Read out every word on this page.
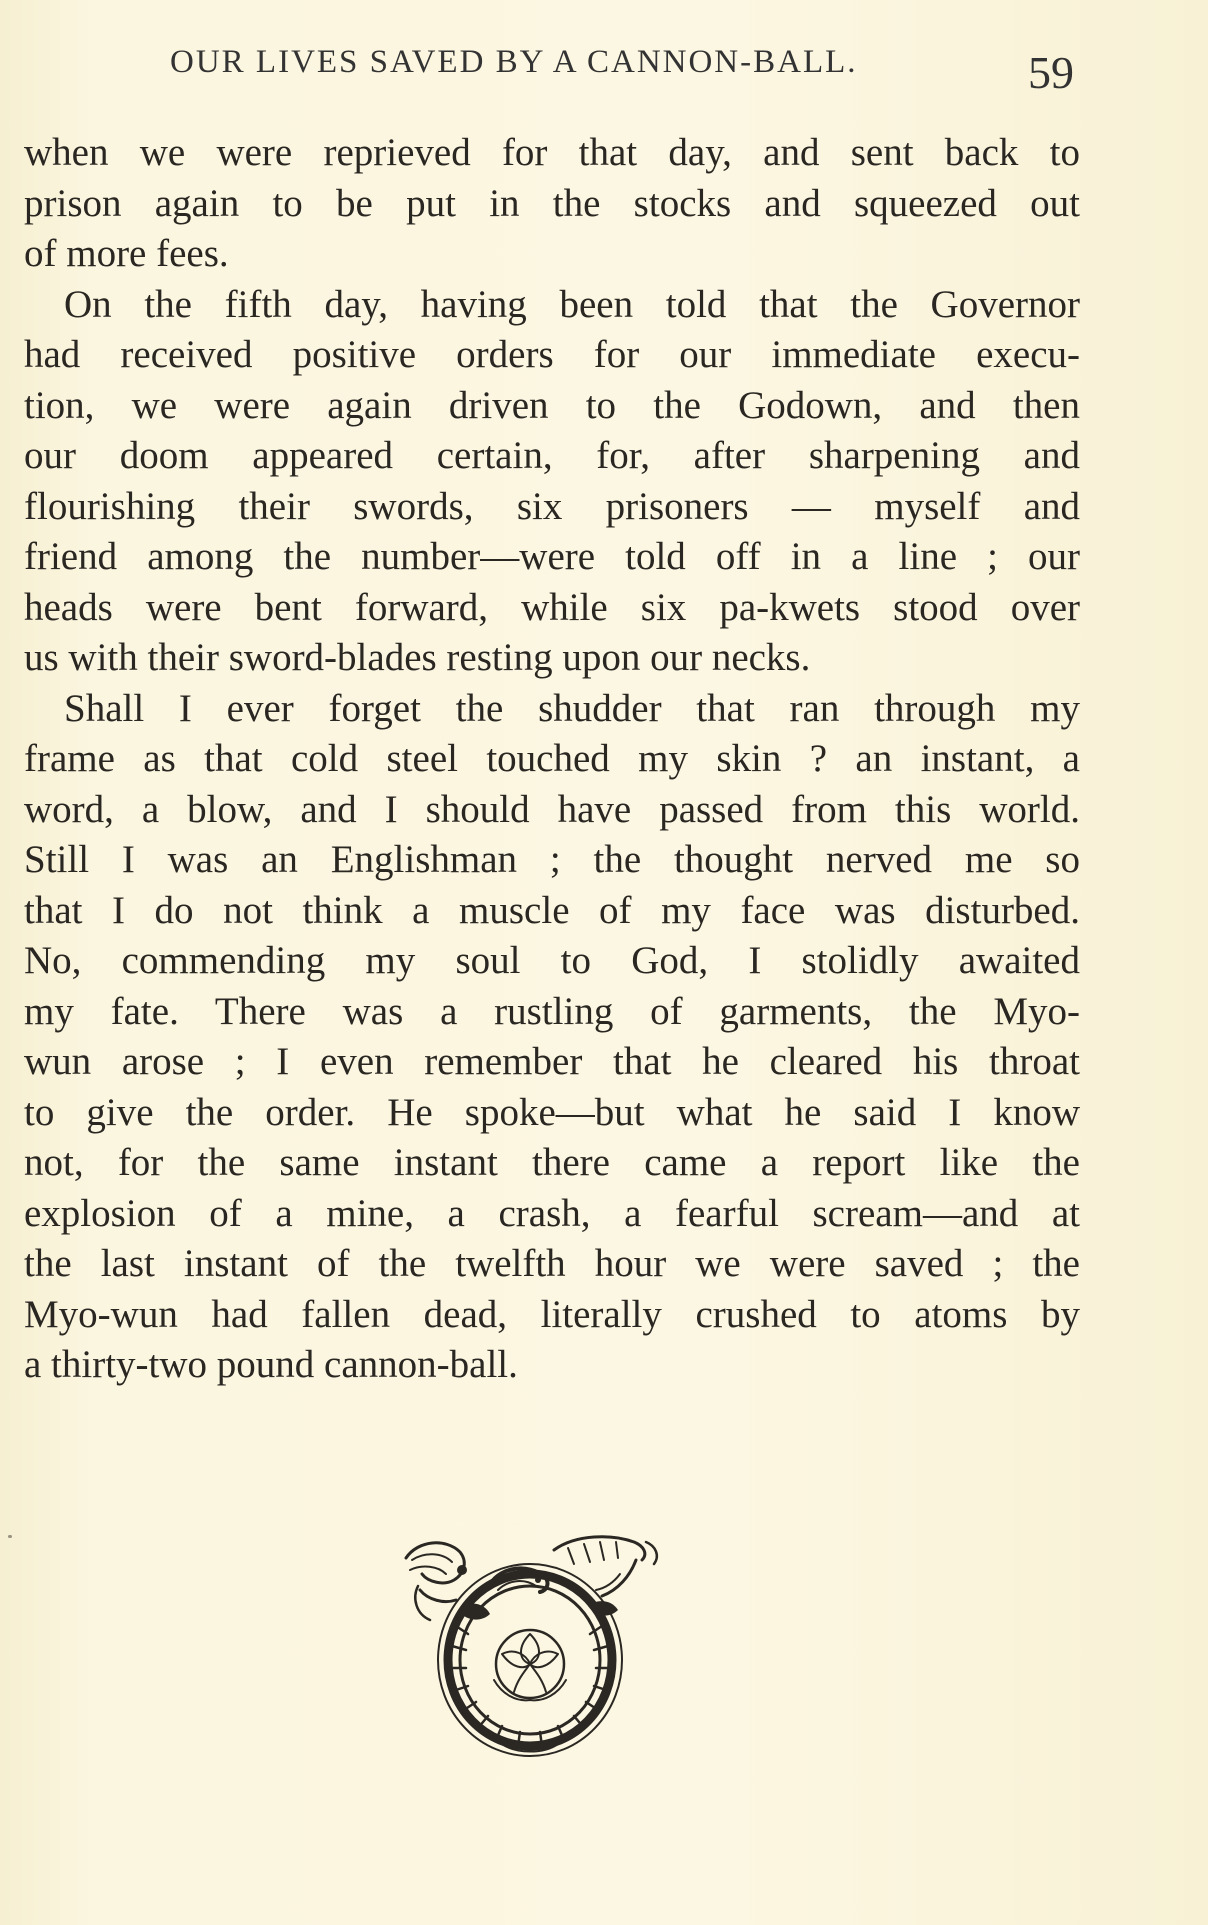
OUR LIVES SAVED BY A CANNON-BALL.	59
when we were reprieved for that day, and sent back to
prison again to be put in the stocks and squeezed out
of more fees.
On the fifth day, having been told that the Governor
had received positive orders for our immediate execu-
tion, we were again driven to the Godown, and then
our doom appeared certain, for, after sharpening and
flourishing their swords, six prisoners — myself and
friend among the number—were told off in a line ; our
heads were bent forward, while six pa-kwets stood over
us with their sword-blades resting upon our necks.
Shall I ever forget the shudder that ran through my
frame as that cold steel touched my skin ? an instant, a
word, a blow, and I should have passed from this world.
Still I was an Englishman ; the thought nerved me so
that I do not think a muscle of my face was disturbed.
No, commending my soul to God, I stolidly awaited
my fate. There was a rustling of garments, the Myo-
wun arose ; I even remember that he cleared his throat
to give the order. He spoke—but what he said I know
not, for the same instant there came a report like the
explosion of a mine, a crash, a fearful scream—and at
the last instant of the twelfth hour we were saved ; the
Myo-wun had fallen dead, literally crushed to atoms by
a thirty-two pound cannon-ball.
